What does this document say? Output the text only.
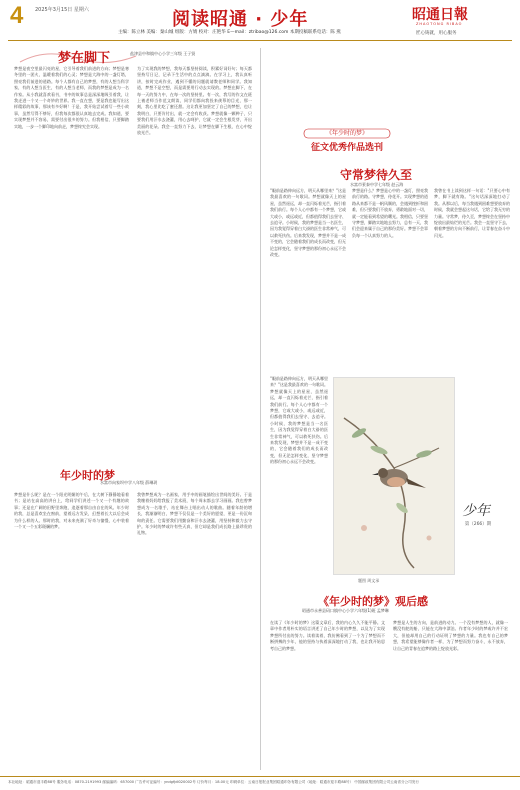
4 2025年3月15日 星期六	阅读昭通 · 少年	昭通日報
ZHAOTONG RIBAO
匠心铸就，用心服务
主编：陈立林 美编：秦山城 组版：方婧 校对：庄艳华 E—mail：ztribao@126.com 本期投稿联系电话：陈 燕
梦在脚下	盐津县中和镇中心小学三年级 王子贤
梦想是夜空里最闪亮的星，它引导着我们前进的方向；梦想是寒冬里的一团火，温暖着我们的心灵；梦想是大海中的一盏灯塔，照亮我们前进的道路。每个人都有自己的梦想，有的人想当科学家，有的人想当医生，有的人想当老师，而我的梦想是成为一名作家。从小我就喜欢看书，书中的故事总是深深地吸引着我，让我走进一个又一个奇妙的世界。我一直在想，要是我也能写出这样精彩的故事，那该有多好啊！于是，我开始尝试着写一些小故事，虽然写得不够好，但我每次都很认真地去完成。我知道，要实现梦想并不容易，需要付出很多的努力。但我相信，只要脚踏实地，一步一个脚印地向前走，梦想终究会实现。
为了实现我的梦想，我每天都坚持阅读，积累好词好句；每天都坚持写日记，记录下生活中的点点滴滴。在学习上，我认真听讲，按时完成作业，遇到不懂的问题就请教老师和同学。我知道，梦想不是空想，而是需要用行动去实现的。梦想在脚下，在每一天的努力中，在每一次的坚持里。有一次，我写的作文在班上被老师当作范文朗读，同学们都向我投来羡慕的目光，那一刻，我心里比吃了蜜还甜。这让我更加坚定了自己的梦想，也让我明白，只要肯付出，就一定会有收获。梦想就像一颗种子，只要我们用汗水去浇灌，用心去呵护，它就一定会生根发芽，开出美丽的花朵。我会一直努力下去，让梦想在脚下生根，在心中绽放光芒。
年少时的梦
水富市向家坝中学八年级 薛琳玥
梦想是什么呢？是在一个阳光明媚的午后，在大树下静静地看着书；是站在高高的讲台上，给同学们讲述一个又一个有趣的故事；还是在广阔的田野里奔跑，追逐着那自由自在的风。年少时的我，总是喜欢坐在窗前，望着远方发呆，幻想着长大以后会成为什么样的人。那时的我，对未来充满了好奇与憧憬，心中装着一个又一个五彩斑斓的梦。
我曾梦想成为一名画家，用手中的画笔描绘出世间的美好。于是我缠着妈妈给我报了美术班，每个周末都去学习画画。我也曾梦想成为一名歌手，站在舞台上唱出动人的歌曲。随着年龄的增长，我渐渐明白，梦想不仅仅是一个美好的愿望，更是一份沉甸甸的责任。它需要我们用勤奋和汗水去浇灌，用坚持和毅力去守护。年少时的梦或许有些天真，但它却是我们成长路上最珍贵的礼物。
《年少时的梦》
征文优秀作品选刊
守常梦待久至
水富市景泰中学七年级 赵云海
"眼前是路伸向远方，明天从哪里来？"这是我最喜欢的一句歌词。梦想就像天上的星星，虽然遥远，却一直闪烁着光芒，指引着我们前行。每个人心中都有一个梦想，它或大或小，或远或近，但都值得我们去坚守、去追寻。小时候，我的梦想是当一名医生，因为我觉得穿着白大褂的医生非常神气，可以救死扶伤。后来我发现，梦想并不是一成不变的，它会随着我们的成长而改变，但无论怎样变化，坚守梦想的那份初心永远不会改变。
梦想是什么？梦想是心中的一盏灯，照亮我前行的路。守梦想，待花开。实现梦想的道路从来都不是一帆风顺的，会遇到挫折和困难，但只要我们不放弃，勇敢地面对一切，就一定能看到希望的曙光。我相信，只要坚守梦想，脚踏实地地去努力，总有一天，我们会迎来属于自己的那份美好。梦想不会辜负每一个认真努力的人。
我曾在书上读到这样一句话："只要心中有梦，脚下就有路。"这句话深深地打动了我。从那以后，每当我遇到困难想要放弃的时候，我就会想起这句话，它给了我无穷的力量。守常梦，待久至，梦想终会在坚持中绽放出最灿烂的光芒。我会一直坚守下去，朝着梦想的方向不断前行，让青春在奋斗中闪光。
"眼前是路伸向远方，明天从哪里来？"这是我最喜欢的一句歌词。梦想就像天上的星星，虽然遥远，却一直闪烁着光芒，指引着我们前行。每个人心中都有一个梦想，它或大或小，或远或近，但都值得我们去坚守、去追寻。小时候，我的梦想是当一名医生，因为我觉得穿着白大褂的医生非常神气，可以救死扶伤。后来我发现，梦想并不是一成不变的，它会随着我们的成长而改变，但无论怎样变化，坚守梦想的那份初心永远不会改变。
少年
第（266）期
题图 周文承
《年少时的梦》观后感
昭通市永善县码口镇中心小学六年级(1)班 孟梦琳
在读了《年少时的梦》这篇文章后，我的内心久久不能平静。文章中作者用朴实的语言讲述了自己年少时的梦想，以及为了实现梦想所付出的努力。读着读着，我仿佛看到了一个为了梦想而不断拼搏的少年，他的坚持与执着深深地打动了我，也让我开始思考自己的梦想。
梦想是人生的方向，是前进的动力。一个没有梦想的人，就像一艘没有舵的船，只能在大海中漂泊。作者年少时的梦或许并不宏大，但他却用自己的行动证明了梦想的力量。我也有自己的梦想，我希望能够像作者一样，为了梦想而努力奋斗，永不放弃，让自己的青春在追梦的路上绽放光彩。
本社地址：昭通市迎丰路88号 服务电话：0870-2191993 邮编编码：657000 广告许可证编号：yndgfjdl020002号 订价每月：18.00元 印刷单位：云南日报报业集团昭通印务有限公司（地址：昭通市迎丰路88号） 中国邮政集团有限公司云南省分公司发行
